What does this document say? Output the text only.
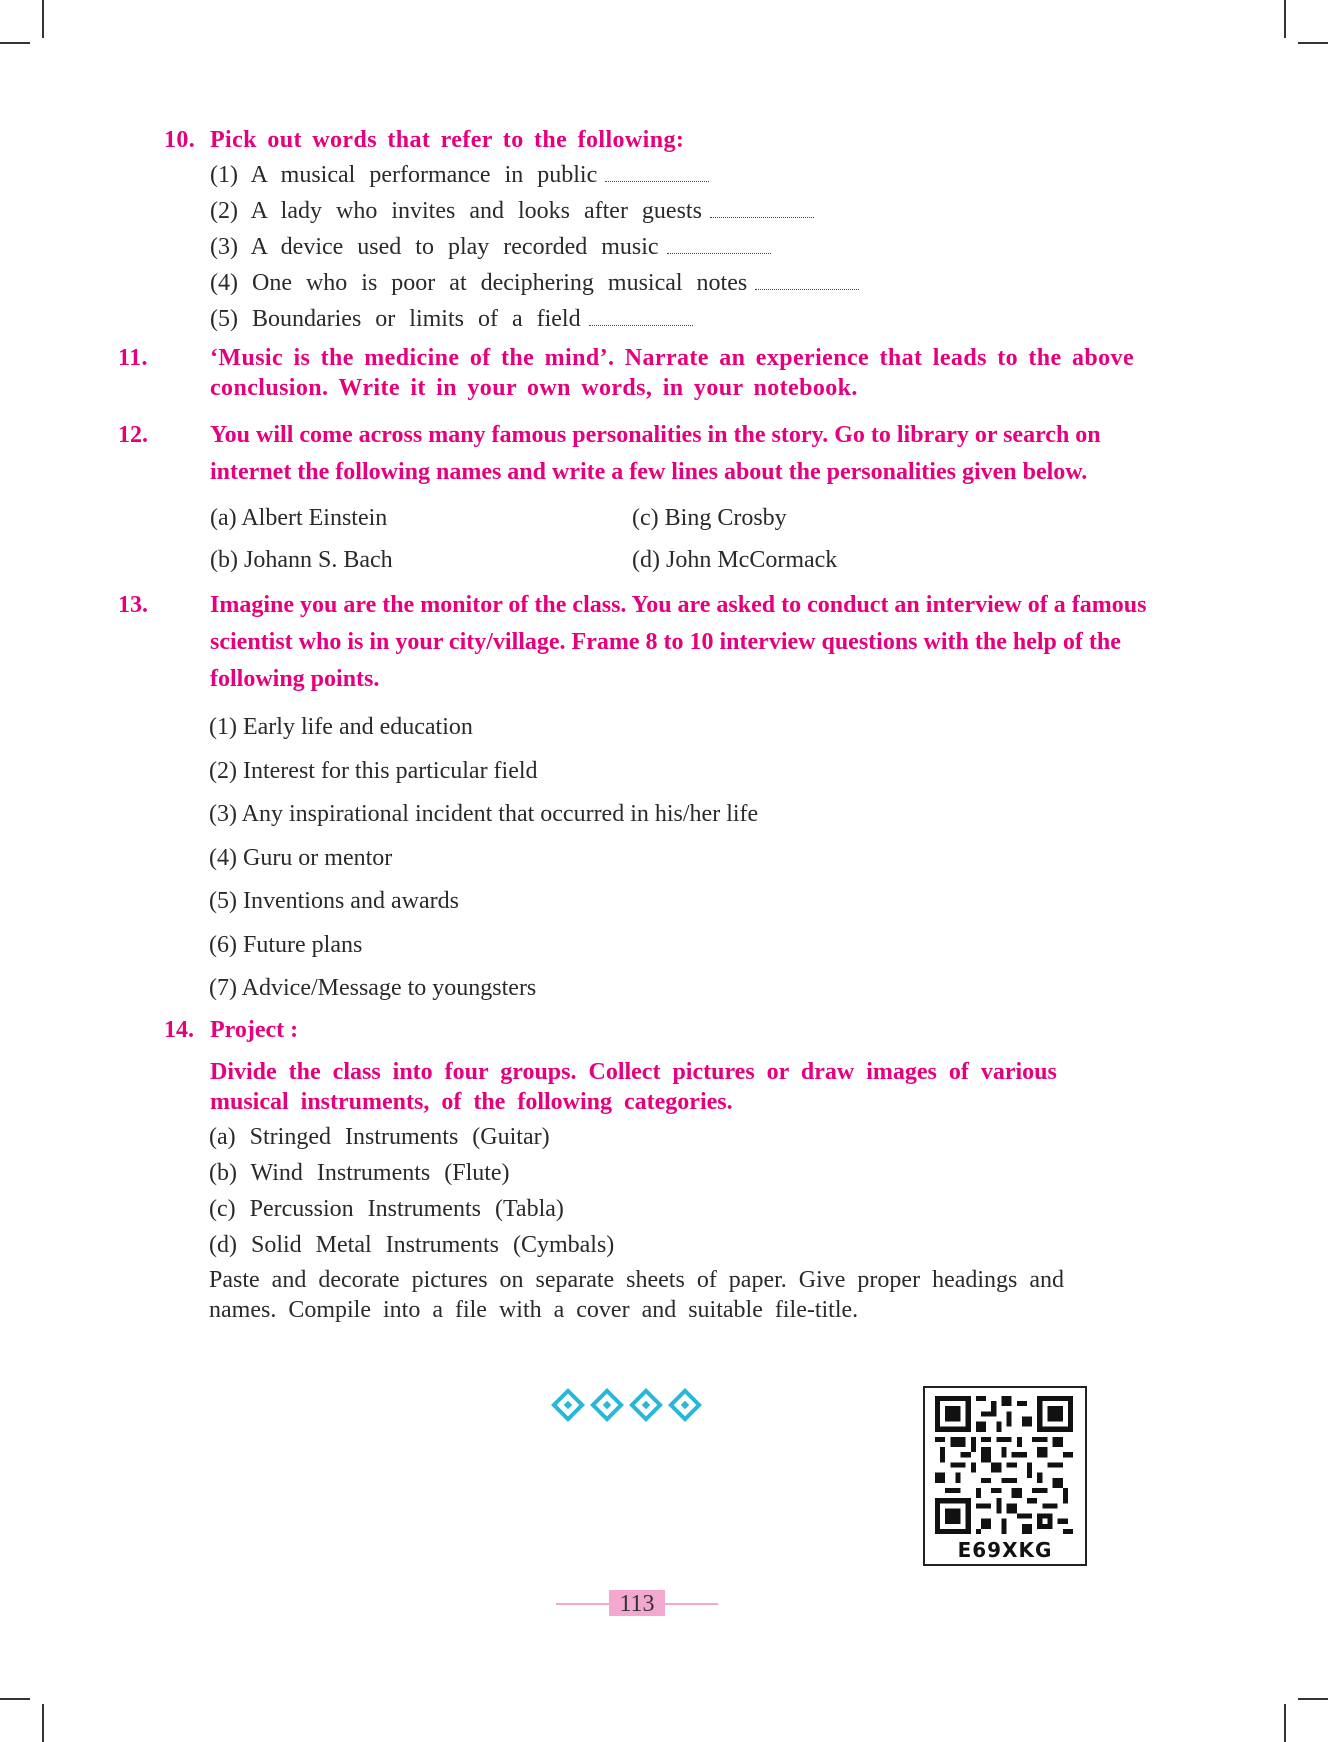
10. Pick out words that refer to the following:
(1) A musical performance in public
(2) A lady who invites and looks after guests
(3) A device used to play recorded music
(4) One who is poor at deciphering musical notes
(5) Boundaries or limits of a field
11.	‘Music is the medicine of the mind’. Narrate an experience that leads to the above conclusion. Write it in your own words, in your notebook.
12.	You will come across many famous personalities in the story. Go to library or search on internet the following names and write a few lines about the personalities given below.
(a) Albert Einstein	(c) Bing Crosby
(b) Johann S. Bach	(d) John McCormack
13.	Imagine you are the monitor of the class. You are asked to conduct an interview of a famous scientist who is in your city/village. Frame 8 to 10 interview questions with the help of the following points.
(1) Early life and education
(2) Interest for this particular field
(3) Any inspirational incident that occurred in his/her life
(4) Guru or mentor
(5) Inventions and awards
(6) Future plans
(7) Advice/Message to youngsters
14. Project :
Divide the class into four groups. Collect pictures or draw images of various musical instruments, of the following categories.
(a) Stringed Instruments (Guitar)
(b) Wind Instruments (Flute)
(c) Percussion Instruments (Tabla)
(d) Solid Metal Instruments (Cymbals)
Paste and decorate pictures on separate sheets of paper. Give proper headings and names. Compile into a file with a cover and suitable file-title.
E69XKG
113
